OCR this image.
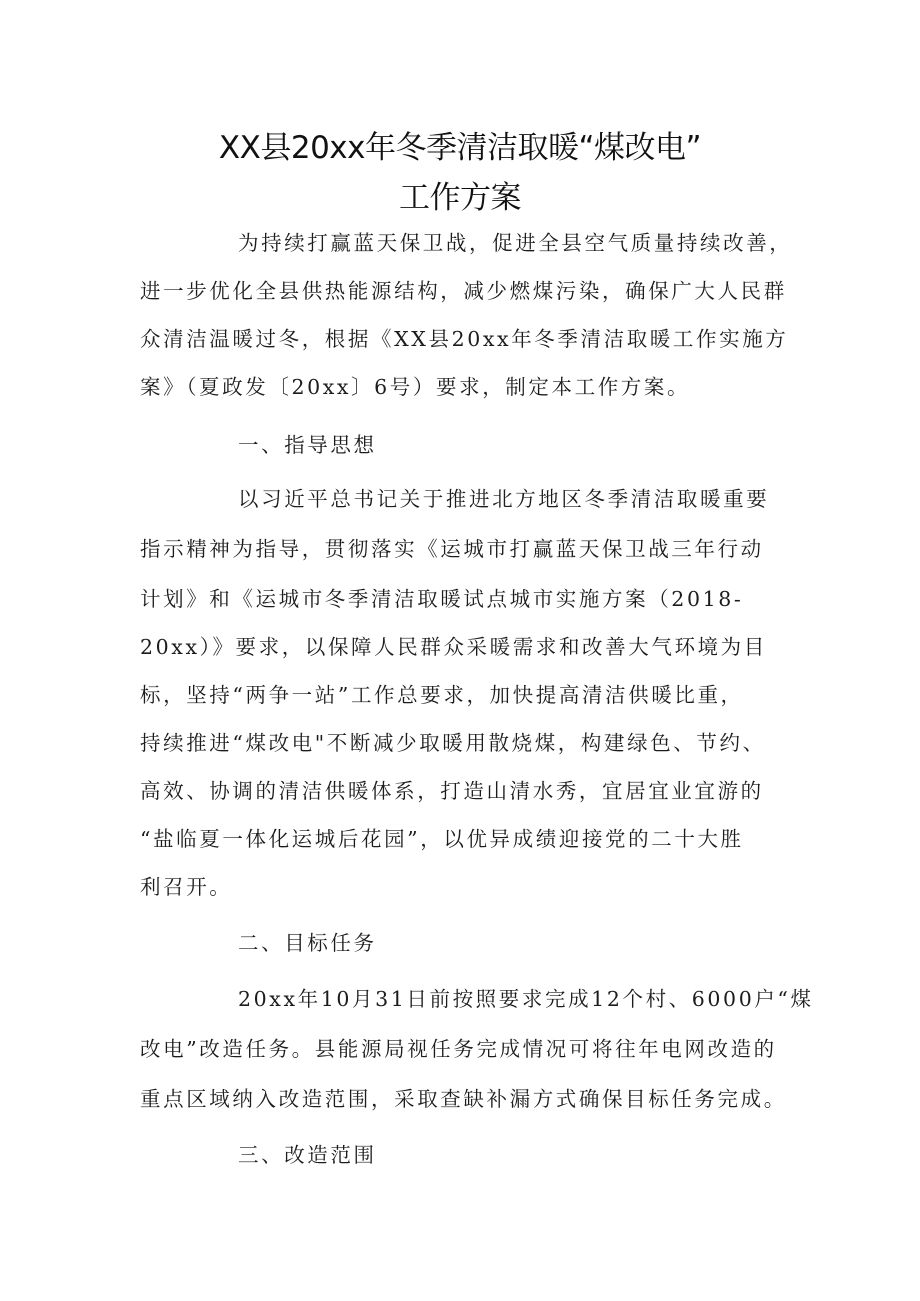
XX县20xx年冬季清洁取暖“煤改电”
工作方案
为持续打赢蓝天保卫战，促进全县空气质量持续改善，
进一步优化全县供热能源结构，减少燃煤污染，确保广大人民群
众清洁温暖过冬，根据《XX县20xx年冬季清洁取暖工作实施方
案》（夏政发〔20xx〕6号）要求，制定本工作方案。
一、指导思想
以习近平总书记关于推进北方地区冬季清洁取暖重要
指示精神为指导，贯彻落实《运城市打赢蓝天保卫战三年行动
计划》和《运城市冬季清洁取暖试点城市实施方案（2018-
20xx）》要求，以保障人民群众采暖需求和改善大气环境为目
标，坚持“两争一站”工作总要求，加快提高清洁供暖比重，
持续推进“煤改电"不断减少取暖用散烧煤，构建绿色、节约、
高效、协调的清洁供暖体系，打造山清水秀，宜居宜业宜游的
“盐临夏一体化运城后花园”，以优异成绩迎接党的二十大胜
利召开。
二、目标任务
20xx年10月31日前按照要求完成12个村、6000户“煤
改电”改造任务。县能源局视任务完成情况可将往年电网改造的
重点区域纳入改造范围，采取查缺补漏方式确保目标任务完成。
三、改造范围
